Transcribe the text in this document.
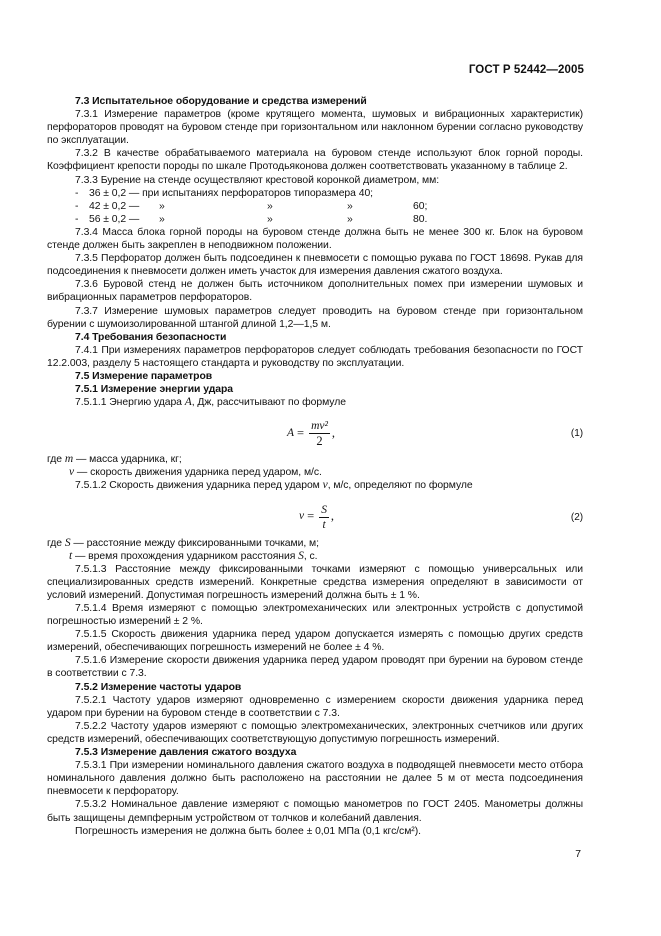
ГОСТ Р 52442—2005

7.3 Испытательное оборудование и средства измерений

7.3.1 Измерение параметров (кроме крутящего момента, шумовых и вибрационных характеристик) перфораторов проводят на буровом стенде при горизонтальном или наклонном бурении согласно руководству по эксплуатации.

7.3.2 В качестве обрабатываемого материала на буровом стенде используют блок горной породы. Коэффициент крепости породы по шкале Протодьяконова должен соответствовать указанному в таблице 2.

7.3.3 Бурение на стенде осуществляют крестовой коронкой диаметром, мм:

-	36 ± 0,2 — при испытаниях перфораторов типоразмера 40;
-	42 ± 0,2 —	»	»	»	60;
-	56 ± 0,2 —	»	»	»	80.

7.3.4 Масса блока горной породы на буровом стенде должна быть не менее 300 кг. Блок на буровом стенде должен быть закреплен в неподвижном положении.

7.3.5 Перфоратор должен быть подсоединен к пневмосети с помощью рукава по ГОСТ 18698. Рукав для подсоединения к пневмосети должен иметь участок для измерения давления сжатого воздуха.

7.3.6 Буровой стенд не должен быть источником дополнительных помех при измерении шумовых и вибрационных параметров перфораторов.

7.3.7 Измерение шумовых параметров следует проводить на буровом стенде при горизонтальном бурении с шумоизолированной штангой длиной 1,2—1,5 м.

7.4 Требования безопасности

7.4.1 При измерениях параметров перфораторов следует соблюдать требования безопасности по ГОСТ 12.2.003, разделу 5 настоящего стандарта и руководству по эксплуатации.

7.5 Измерение параметров

7.5.1 Измерение энергии удара

7.5.1.1 Энергию удара A, Дж, рассчитывают по формуле

$A = \frac{\text{mv²}}{2}$ ,	(1)

где m — масса ударника, кг;

v — скорость движения ударника перед ударом, м/с.

7.5.1.2 Скорость движения ударника перед ударом v, м/с, определяют по формуле

$v = \frac{S}{t}$ ,	(2)

где S — расстояние между фиксированными точками, м;

t — время прохождения ударником расстояния S, с.

7.5.1.3 Расстояние между фиксированными точками измеряют с помощью универсальных или специализированных средств измерений. Конкретные средства измерения определяют в зависимости от условий измерений. Допустимая погрешность измерений должна быть ± 1 %.

7.5.1.4 Время измеряют с помощью электромеханических или электронных устройств с допустимой погрешностью измерений ± 2 %.

7.5.1.5 Скорость движения ударника перед ударом допускается измерять с помощью других средств измерений, обеспечивающих погрешность измерений не более ± 4 %.

7.5.1.6 Измерение скорости движения ударника перед ударом проводят при бурении на буровом стенде в соответствии с 7.3.

7.5.2 Измерение частоты ударов

7.5.2.1 Частоту ударов измеряют одновременно с измерением скорости движения ударника перед ударом при бурении на буровом стенде в соответствии с 7.3.

7.5.2.2 Частоту ударов измеряют с помощью электромеханических, электронных счетчиков или других средств измерений, обеспечивающих соответствующую допустимую погрешность измерений.

7.5.3 Измерение давления сжатого воздуха

7.5.3.1 При измерении номинального давления сжатого воздуха в подводящей пневмосети место отбора номинального давления должно быть расположено на расстоянии не далее 5 м от места подсоединения пневмосети к перфоратору.

7.5.3.2 Номинальное давление измеряют с помощью манометров по ГОСТ 2405. Манометры должны быть защищены демпферным устройством от толчков и колебаний давления.

Погрешность измерения не должна быть более ± 0,01 МПа (0,1 кгс/см²).

7
